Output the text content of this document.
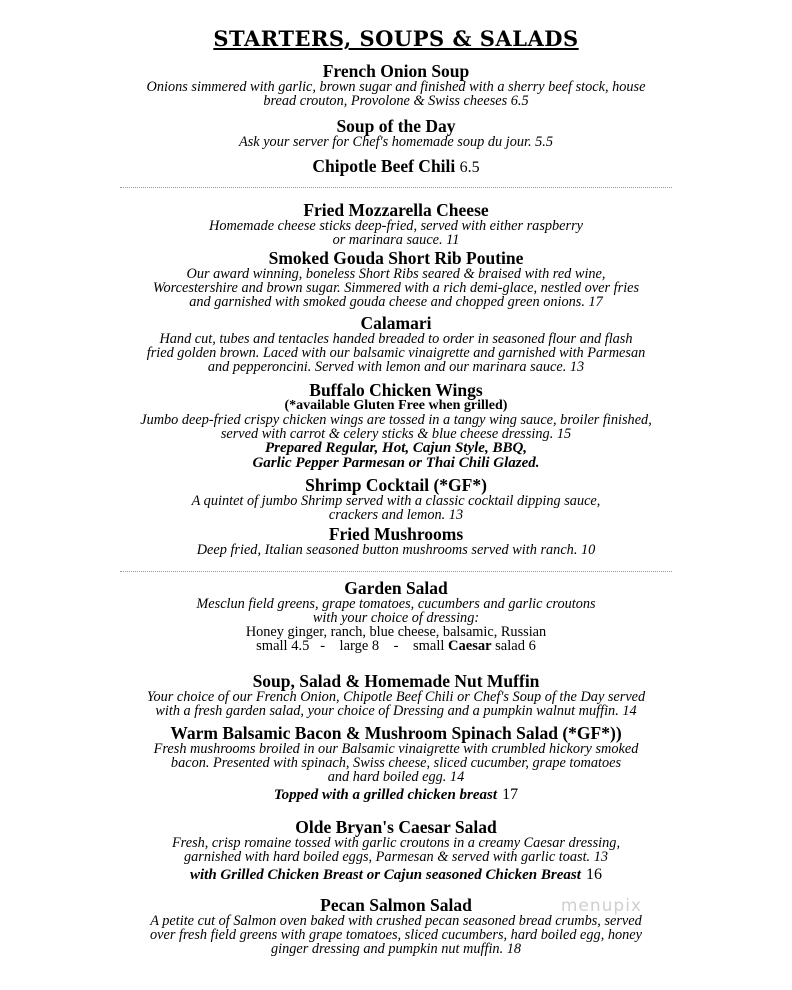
STARTERS, SOUPS & SALADS
French Onion Soup
Onions simmered with garlic, brown sugar and finished with a sherry beef stock, house
bread crouton, Provolone & Swiss cheeses 6.5
Soup of the Day
Ask your server for Chef's homemade soup du jour. 5.5
Chipotle Beef Chili 6.5
Fried Mozzarella Cheese
Homemade cheese sticks deep-fried, served with either raspberry
or marinara sauce. 11
Smoked Gouda Short Rib Poutine
Our award winning, boneless Short Ribs seared & braised with red wine,
Worcestershire and brown sugar. Simmered with a rich demi-glace, nestled over fries
and garnished with smoked gouda cheese and chopped green onions. 17
Calamari
Hand cut, tubes and tentacles handed breaded to order in seasoned flour and flash
fried golden brown. Laced with our balsamic vinaigrette and garnished with Parmesan
and pepperoncini. Served with lemon and our marinara sauce. 13
Buffalo Chicken Wings
(*available Gluten Free when grilled)
Jumbo deep-fried crispy chicken wings are tossed in a tangy wing sauce, broiler finished,
served with carrot & celery sticks & blue cheese dressing. 15
Prepared Regular, Hot, Cajun Style, BBQ,
Garlic Pepper Parmesan or Thai Chili Glazed.
Shrimp Cocktail (*GF*)
A quintet of jumbo Shrimp served with a classic cocktail dipping sauce,
crackers and lemon. 13
Fried Mushrooms
Deep fried, Italian seasoned button mushrooms served with ranch. 10
Garden Salad
Mesclun field greens, grape tomatoes, cucumbers and garlic croutons
with your choice of dressing:
Honey ginger, ranch, blue cheese, balsamic, Russian
small 4.5 - large 8 - small Caesar salad 6
Soup, Salad & Homemade Nut Muffin
Your choice of our French Onion, Chipotle Beef Chili or Chef's Soup of the Day served
with a fresh garden salad, your choice of Dressing and a pumpkin walnut muffin. 14
Warm Balsamic Bacon & Mushroom Spinach Salad (*GF*))
Fresh mushrooms broiled in our Balsamic vinaigrette with crumbled hickory smoked
bacon. Presented with spinach, Swiss cheese, sliced cucumber, grape tomatoes
and hard boiled egg. 14
Topped with a grilled chicken breast 17
Olde Bryan's Caesar Salad
Fresh, crisp romaine tossed with garlic croutons in a creamy Caesar dressing,
garnished with hard boiled eggs, Parmesan & served with garlic toast. 13
with Grilled Chicken Breast or Cajun seasoned Chicken Breast 16
Pecan Salmon Salad
A petite cut of Salmon oven baked with crushed pecan seasoned bread crumbs, served
over fresh field greens with grape tomatoes, sliced cucumbers, hard boiled egg, honey
ginger dressing and pumpkin nut muffin. 18
menupix
